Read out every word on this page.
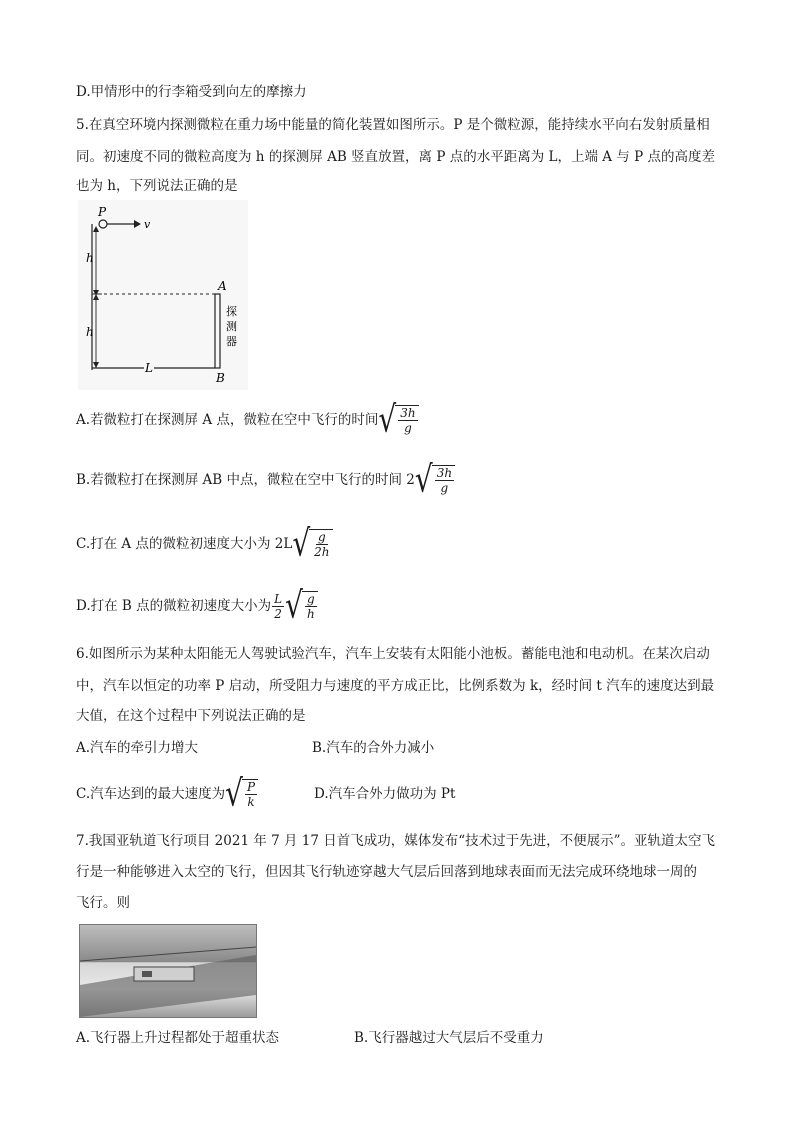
D.甲情形中的行李箱受到向左的摩擦力
5.在真空环境内探测微粒在重力场中能量的简化装置如图所示。P 是个微粒源，能持续水平向右发射质量相
同。初速度不同的微粒高度为 h 的探测屏 AB 竖直放置，离 P 点的水平距离为 L，上端 A 与 P 点的高度差
也为 h，下列说法正确的是
P
v
h
h
A
B
探
测
器
L
A.若微粒打在探测屏 A 点，微粒在空中飞行的时间 √ $\frac{3h}{g}$
B.若微粒打在探测屏 AB 中点，微粒在空中飞行的时间 2 √ $\frac{3h}{g}$
C.打在 A 点的微粒初速度大小为 2L √ $\frac{g}{2h}$
D.打在 B 点的微粒初速度大小为 $\frac{L}{2}$ √ $\frac{g}{h}$
6.如图所示为某种太阳能无人驾驶试验汽车，汽车上安装有太阳能小池板。蓄能电池和电动机。在某次启动
中，汽车以恒定的功率 P 启动，所受阻力与速度的平方成正比，比例系数为 k，经时间 t 汽车的速度达到最
大值，在这个过程中下列说法正确的是
A.汽车的牵引力增大	B.汽车的合外力减小
C.汽车达到的最大速度为 √ $\frac{P}{k}$	D.汽车合外力做功为 Pt
7.我国亚轨道飞行项目 2021 年 7 月 17 日首飞成功，媒体发布“技术过于先进，不便展示”。亚轨道太空飞
行是一种能够进入太空的飞行，但因其飞行轨迹穿越大气层后回落到地球表面而无法完成环绕地球一周的
飞行。则
A.飞行器上升过程都处于超重状态	B.飞行器越过大气层后不受重力
